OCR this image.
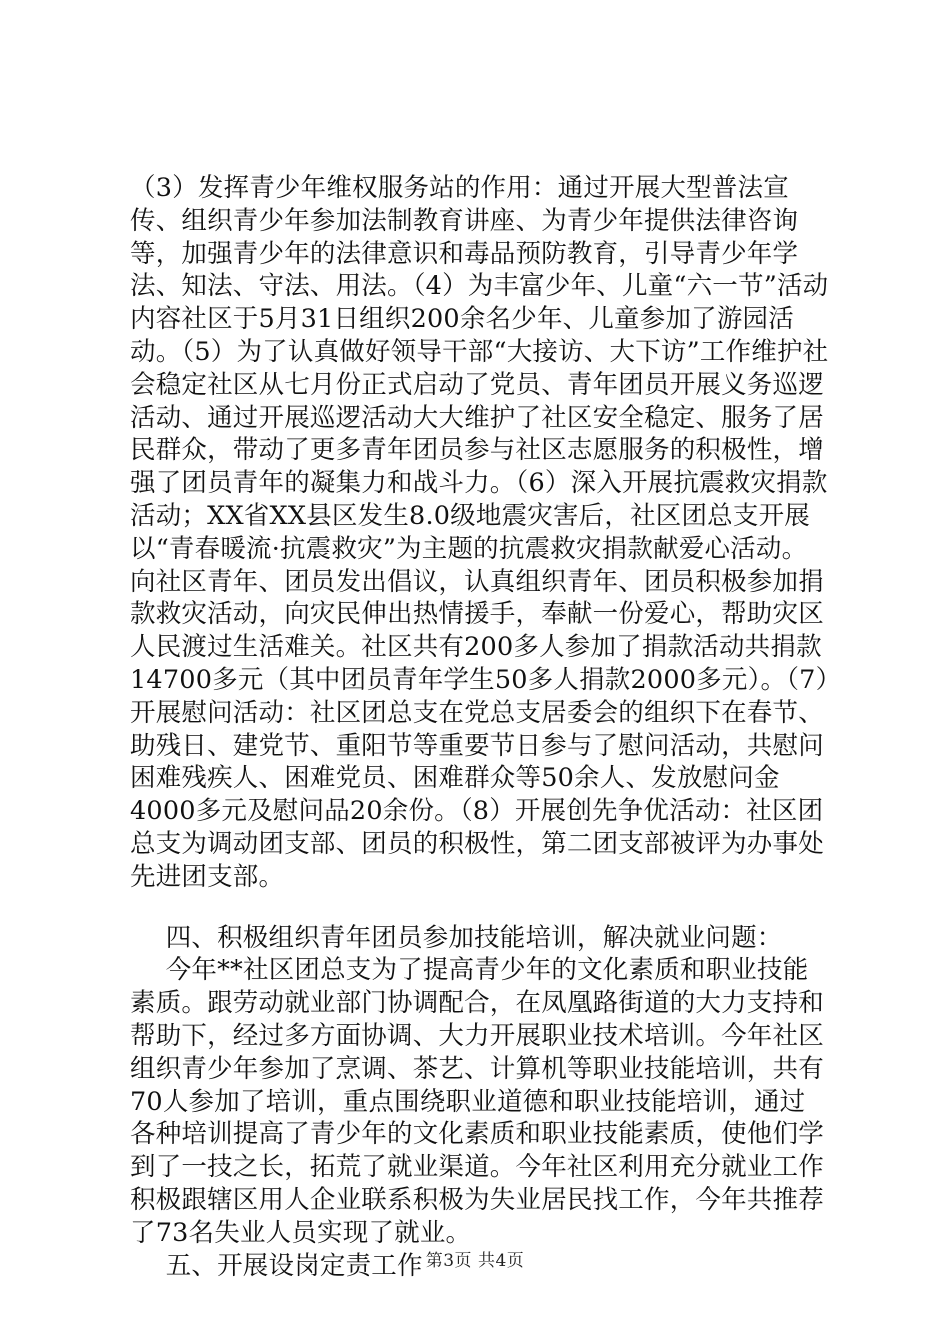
（3）发挥青少年维权服务站的作用：通过开展大型普法宣传、组织青少年参加法制教育讲座、为青少年提供法律咨询等，加强青少年的法律意识和毒品预防教育，引导青少年学法、知法、守法、用法。（4）为丰富少年、儿童“六一节”活动内容社区于5月31日组织200余名少年、儿童参加了游园活动。（5）为了认真做好领导干部“大接访、大下访”工作维护社会稳定社区从七月份正式启动了党员、青年团员开展义务巡逻活动、通过开展巡逻活动大大维护了社区安全稳定、服务了居民群众，带动了更多青年团员参与社区志愿服务的积极性，增强了团员青年的凝集力和战斗力。（6）深入开展抗震救灾捐款活动；XX省XX县区发生8.0级地震灾害后，社区团总支开展以“青春暖流·抗震救灾”为主题的抗震救灾捐款献爱心活动。向社区青年、团员发出倡议，认真组织青年、团员积极参加捐款救灾活动，向灾民伸出热情援手，奉献一份爱心，帮助灾区人民渡过生活难关。社区共有200多人参加了捐款活动共捐款14700多元（其中团员青年学生50多人捐款2000多元）。（7）开展慰问活动：社区团总支在党总支居委会的组织下在春节、助残日、建党节、重阳节等重要节日参与了慰问活动，共慰问困难残疾人、困难党员、困难群众等50余人、发放慰问金4000多元及慰问品20余份。（8）开展创先争优活动：社区团总支为调动团支部、团员的积极性，第二团支部被评为办事处先进团支部。

四、积极组织青年团员参加技能培训，解决就业问题：

今年**社区团总支为了提高青少年的文化素质和职业技能素质。跟劳动就业部门协调配合，在凤凰路街道的大力支持和帮助下，经过多方面协调、大力开展职业技术培训。今年社区组织青少年参加了烹调、茶艺、计算机等职业技能培训，共有70人参加了培训，重点围绕职业道德和职业技能培训，通过各种培训提高了青少年的文化素质和职业技能素质，使他们学到了一技之长，拓荒了就业渠道。今年社区利用充分就业工作积极跟辖区用人企业联系积极为失业居民找工作，今年共推荐了73名失业人员实现了就业。

五、开展设岗定责工作 第3页 共4页
